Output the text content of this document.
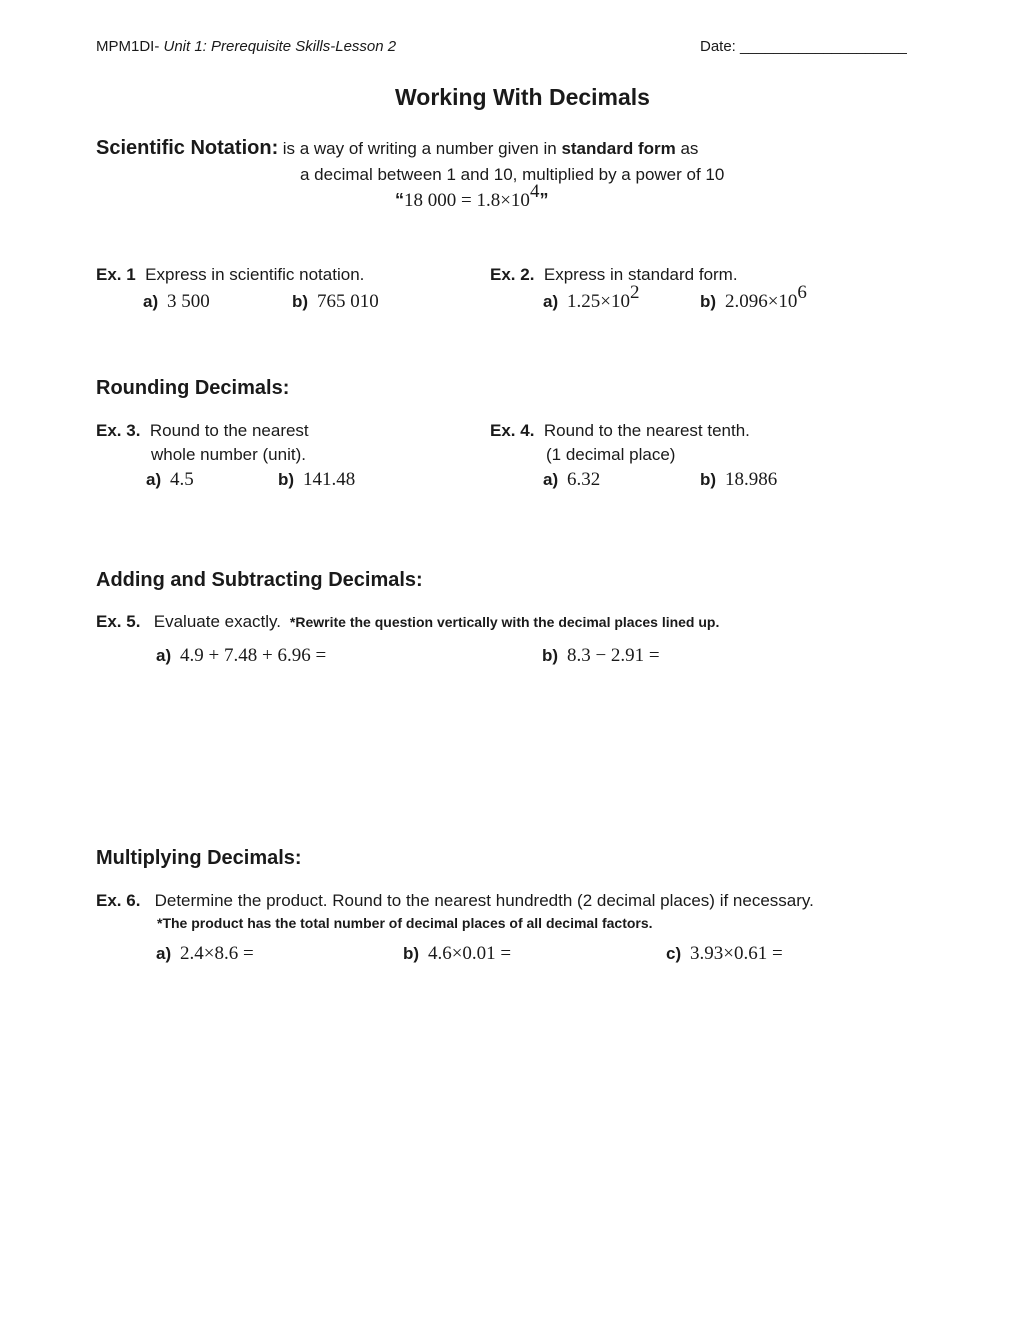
MPM1DI- Unit 1: Prerequisite Skills-Lesson 2	Date: ____________________
Working With Decimals
Scientific Notation: is a way of writing a number given in standard form as
a decimal between 1 and 10, multiplied by a power of 10
“18 $000 = 1.8\times 10^4$”
Ex. 1 Express in scientific notation.
a) 3 500	b) 765 010
Ex. 2. Express in standard form.
a) $1.25\times 10^2$	b) $2.096\times 10^6$
Rounding Decimals:
Ex. 3. Round to the nearest
whole number (unit).
a) 4.5	b) 141.48
Ex. 4. Round to the nearest tenth.
(1 decimal place)
a) 6.32	b) 18.986
Adding and Subtracting Decimals:
Ex. 5. Evaluate exactly. *Rewrite the question vertically with the decimal places lined up.
a) 4.9 + 7.48 + 6.96 =	b) 8.3 − 2.91 =
Multiplying Decimals:
Ex. 6. Determine the product. Round to the nearest hundredth (2 decimal places) if necessary.
*The product has the total number of decimal places of all decimal factors.
a) 2.4×8.6 =	b) 4.6×0.01 =	c) 3.93×0.61 =
